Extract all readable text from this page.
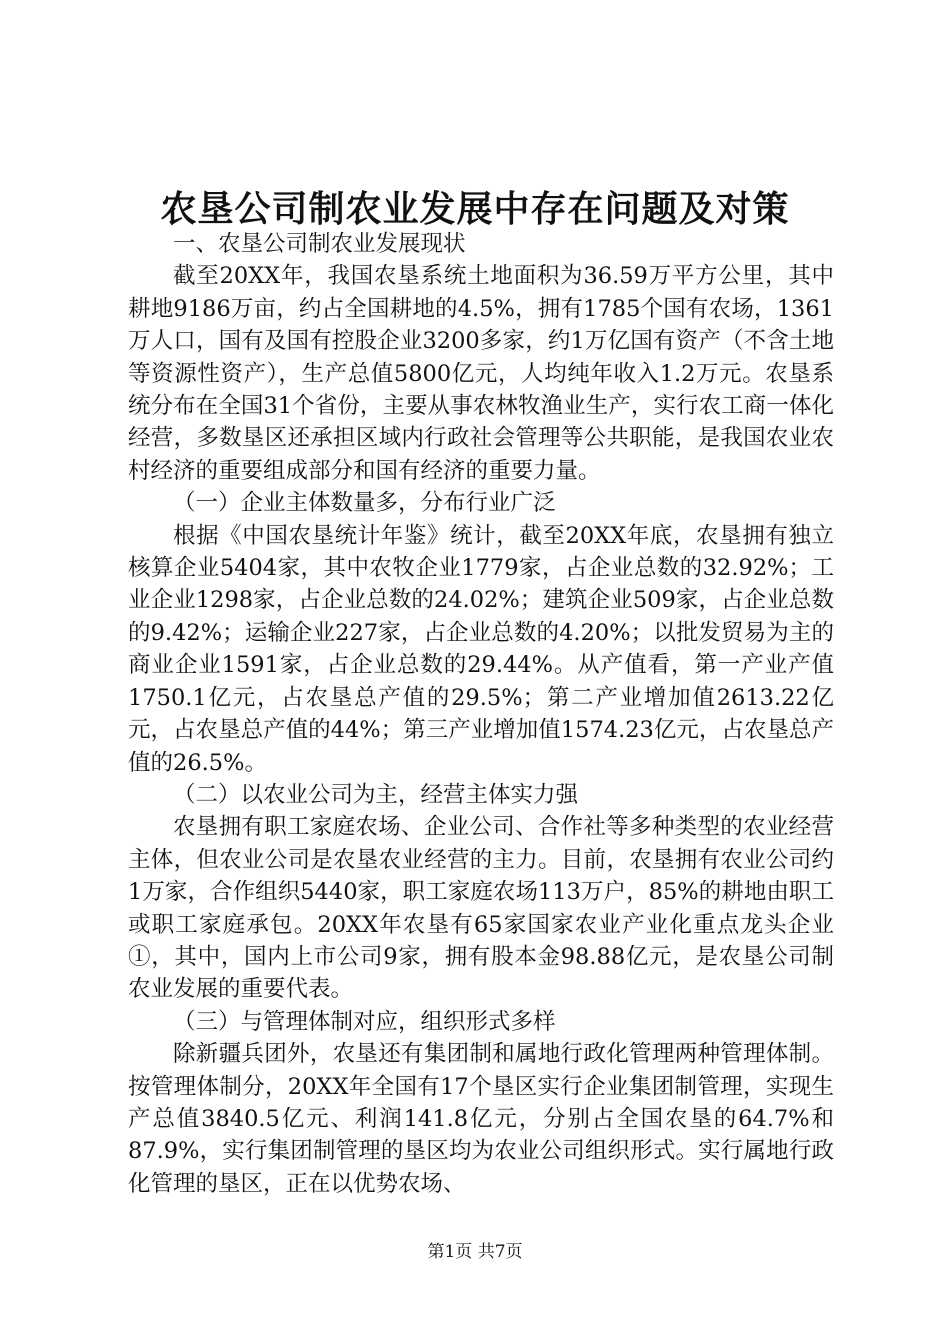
农垦公司制农业发展中存在问题及对策

一、农垦公司制农业发展现状

截至20XX年，我国农垦系统土地面积为36.59万平方公里，其中耕地9186万亩，约占全国耕地的4.5%，拥有1785个国有农场，1361万人口，国有及国有控股企业3200多家，约1万亿国有资产（不含土地等资源性资产），生产总值5800亿元，人均纯年收入1.2万元。农垦系统分布在全国31个省份，主要从事农林牧渔业生产，实行农工商一体化经营，多数垦区还承担区域内行政社会管理等公共职能，是我国农业农村经济的重要组成部分和国有经济的重要力量。

（一）企业主体数量多，分布行业广泛

根据《中国农垦统计年鉴》统计，截至20XX年底，农垦拥有独立核算企业5404家，其中农牧企业1779家，占企业总数的32.92%；工业企业1298家，占企业总数的24.02%；建筑企业509家，占企业总数的9.42%；运输企业227家，占企业总数的4.20%；以批发贸易为主的商业企业1591家，占企业总数的29.44%。从产值看，第一产业产值1750.1亿元，占农垦总产值的29.5%；第二产业增加值2613.22亿元，占农垦总产值的44%；第三产业增加值1574.23亿元，占农垦总产值的26.5%。

（二）以农业公司为主，经营主体实力强

农垦拥有职工家庭农场、企业公司、合作社等多种类型的农业经营主体，但农业公司是农垦农业经营的主力。目前，农垦拥有农业公司约1万家，合作组织5440家，职工家庭农场113万户，85%的耕地由职工或职工家庭承包。20XX年农垦有65家国家农业产业化重点龙头企业①，其中，国内上市公司9家，拥有股本金98.88亿元，是农垦公司制农业发展的重要代表。

（三）与管理体制对应，组织形式多样

除新疆兵团外，农垦还有集团制和属地行政化管理两种管理体制。按管理体制分，20XX年全国有17个垦区实行企业集团制管理，实现生产总值3840.5亿元、利润141.8亿元，分别占全国农垦的64.7%和87.9%，实行集团制管理的垦区均为农业公司组织形式。实行属地行政化管理的垦区，正在以优势农场、

第1页 共7页
